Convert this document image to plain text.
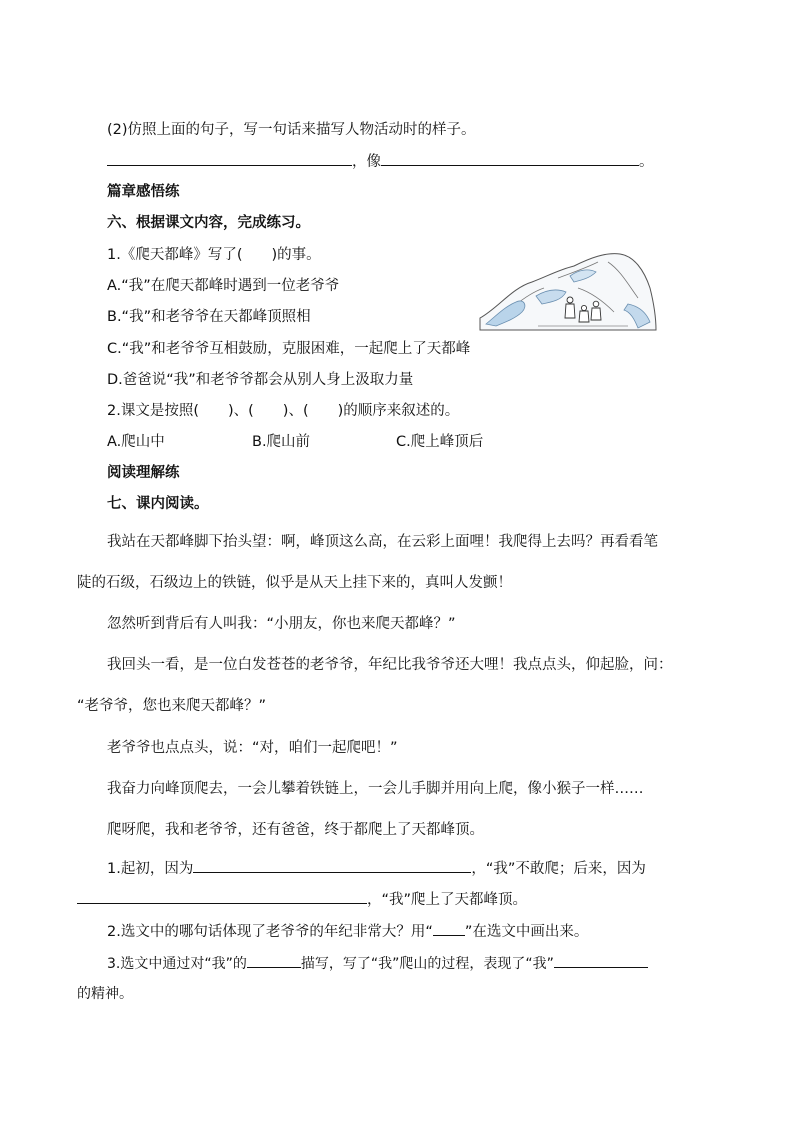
(2)仿照上面的句子，写一句话来描写人物活动时的样子。
，像	。
篇章感悟练
六、根据课文内容，完成练习。
1.《爬天都峰》写了(　　)的事。
A.“我”在爬天都峰时遇到一位老爷爷
B.“我”和老爷爷在天都峰顶照相
C.“我”和老爷爷互相鼓励，克服困难，一起爬上了天都峰
D.爸爸说“我”和老爷爷都会从别人身上汲取力量
2.课文是按照(　　)、(　　)、(　　)的顺序来叙述的。
A.爬山中	B.爬山前	C.爬上峰顶后
阅读理解练
七、课内阅读。
我站在天都峰脚下抬头望：啊，峰顶这么高，在云彩上面哩！我爬得上去吗？再看看笔
陡的石级，石级边上的铁链，似乎是从天上挂下来的，真叫人发颤！
忽然听到背后有人叫我：“小朋友，你也来爬天都峰？”
我回头一看，是一位白发苍苍的老爷爷，年纪比我爷爷还大哩！我点点头，仰起脸，问：
“老爷爷，您也来爬天都峰？”
老爷爷也点点头，说：“对，咱们一起爬吧！”
我奋力向峰顶爬去，一会儿攀着铁链上，一会儿手脚并用向上爬，像小猴子一样……
爬呀爬，我和老爷爷，还有爸爸，终于都爬上了天都峰顶。
1.起初，因为	，“我”不敢爬；后来，因为
，“我”爬上了天都峰顶。
2.选文中的哪句话体现了老爷爷的年纪非常大？用“ ”在选文中画出来。
3.选文中通过对“我”的	描写，写了“我”爬山的过程，表现了“我”
的精神。
